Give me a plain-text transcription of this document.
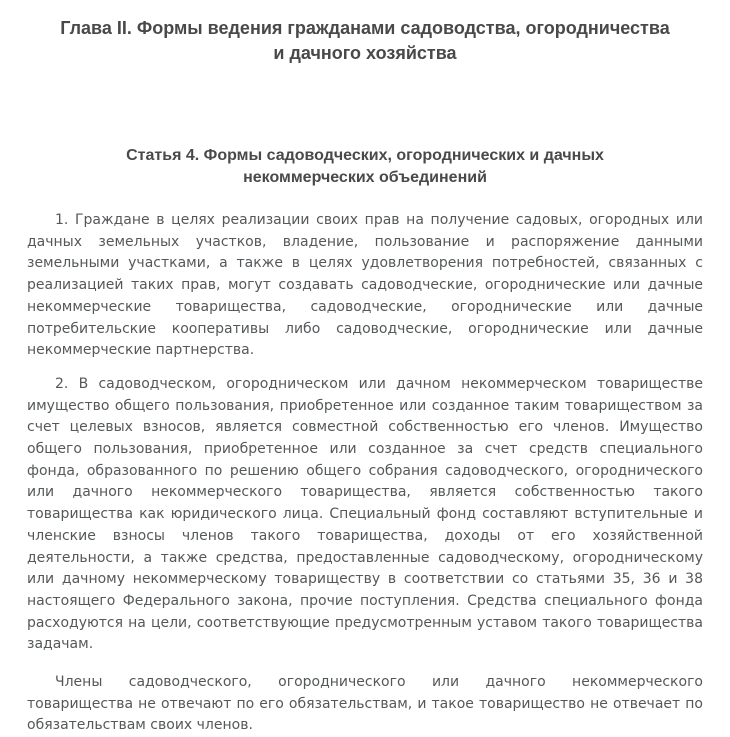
Глава II. Формы ведения гражданами садоводства, огородничества
и дачного хозяйства
Статья 4. Формы садоводческих, огороднических и дачных
некоммерческих объединений

1. Граждане в целях реализации своих прав на получение садовых, огородных или дачных земельных участков, владение, пользование и распоряжение данными земельными участками, а также в целях удовлетворения потребностей, связанных с реализацией таких прав, могут создавать садоводческие, огороднические или дачные некоммерческие товарищества, садоводческие, огороднические или дачные потребительские кооперативы либо садоводческие, огороднические или дачные некоммерческие партнерства.

2. В садоводческом, огородническом или дачном некоммерческом товариществе имущество общего пользования, приобретенное или созданное таким товариществом за счет целевых взносов, является совместной собственностью его членов. Имущество общего пользования, приобретенное или созданное за счет средств специального фонда, образованного по решению общего собрания садоводческого, огороднического или дачного некоммерческого товарищества, является собственностью такого товарищества как юридического лица. Специальный фонд составляют вступительные и членские взносы членов такого товарищества, доходы от его хозяйственной деятельности, а также средства, предоставленные садоводческому, огородническому или дачному некоммерческому товариществу в соответствии со статьями 35, 36 и 38 настоящего Федерального закона, прочие поступления. Средства специального фонда расходуются на цели, соответствующие предусмотренным уставом такого товарищества задачам.

Члены садоводческого, огороднического или дачного некоммерческого товарищества не отвечают по его обязательствам, и такое товарищество не отвечает по обязательствам своих членов.
